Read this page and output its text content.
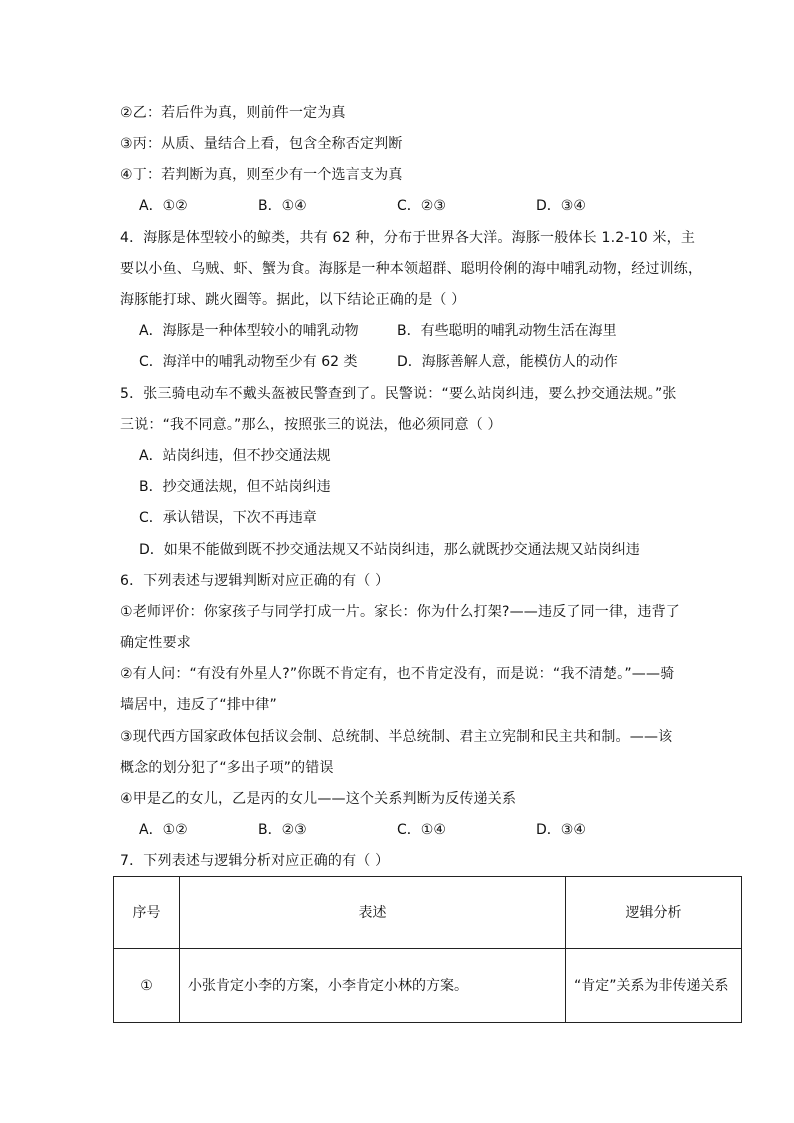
②乙：若后件为真，则前件一定为真
③丙：从质、量结合上看，包含全称否定判断
④丁：若判断为真，则至少有一个选言支为真
A．①②	B．①④	C．②③	D．③④
4．海豚是体型较小的鲸类，共有 62 种，分布于世界各大洋。海豚一般体长 1.2-10 米，主
要以小鱼、乌贼、虾、蟹为食。海豚是一种本领超群、聪明伶俐的海中哺乳动物，经过训练，
海豚能打球、跳火圈等。据此，以下结论正确的是（ ）
A．海豚是一种体型较小的哺乳动物	B．有些聪明的哺乳动物生活在海里
C．海洋中的哺乳动物至少有 62 类	D．海豚善解人意，能模仿人的动作
5．张三骑电动车不戴头盔被民警查到了。民警说：“要么站岗纠违，要么抄交通法规。”张
三说：“我不同意。”那么，按照张三的说法，他必须同意（ ）
A．站岗纠违，但不抄交通法规
B．抄交通法规，但不站岗纠违
C．承认错误，下次不再违章
D．如果不能做到既不抄交通法规又不站岗纠违，那么就既抄交通法规又站岗纠违
6．下列表述与逻辑判断对应正确的有（ ）
①老师评价：你家孩子与同学打成一片。家长：你为什么打架?——违反了同一律，违背了
确定性要求
②有人问：“有没有外星人?”你既不肯定有，也不肯定没有，而是说：“我不清楚。”——骑
墙居中，违反了“排中律”
③现代西方国家政体包括议会制、总统制、半总统制、君主立宪制和民主共和制。——该
概念的划分犯了“多出子项”的错误
④甲是乙的女儿，乙是丙的女儿——这个关系判断为反传递关系
A．①②	B．②③	C．①④	D．③④
7．下列表述与逻辑分析对应正确的有（ ）
序号	表述	逻辑分析
①	小张肯定小李的方案，小李肯定小林的方案。	“肯定”关系为非传递关系
